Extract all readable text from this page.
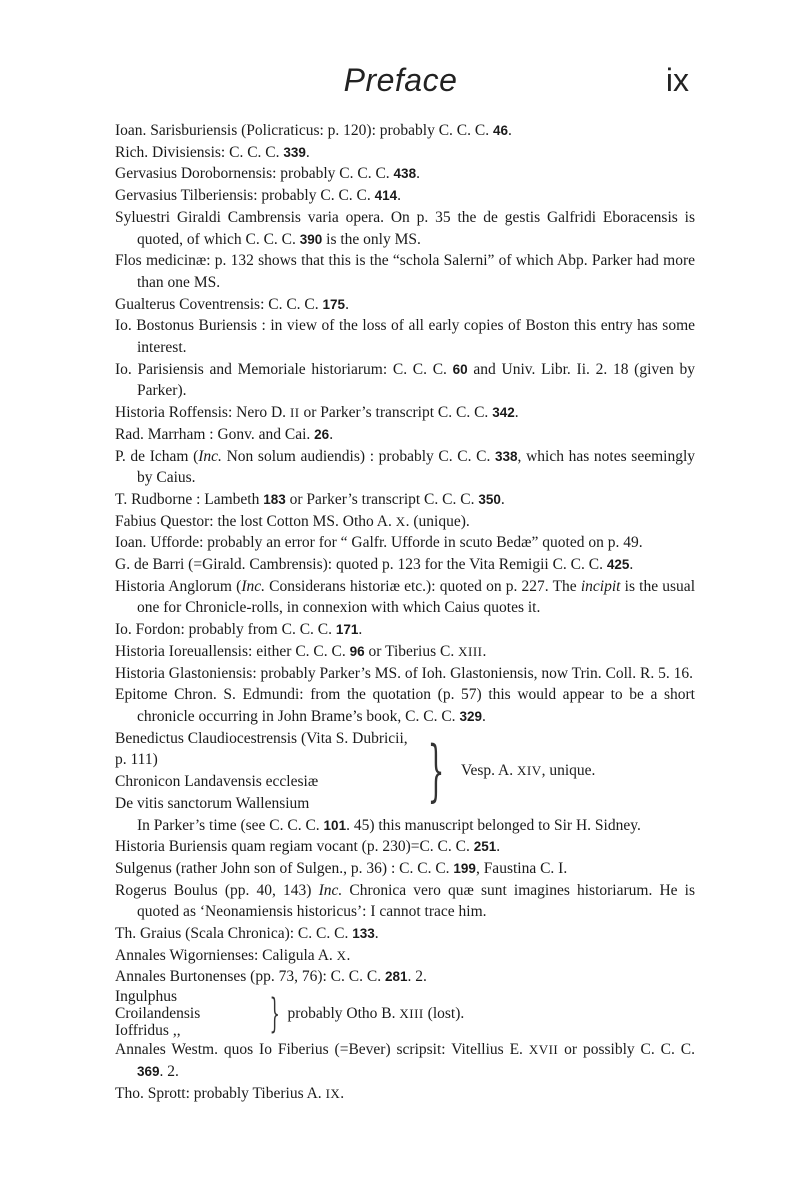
Preface	ix

Ioan. Sarisburiensis (Policraticus: p. 120): probably C. C. C. 46.

Rich. Divisiensis: C. C. C. 339.

Gervasius Dorobornensis: probably C. C. C. 438.

Gervasius Tilberiensis: probably C. C. C. 414.

Syluestri Giraldi Cambrensis varia opera. On p. 35 the de gestis Galfridi Eboracensis is quoted, of which C. C. C. 390 is the only MS.

Flos medicinæ: p. 132 shows that this is the “schola Salerni” of which Abp. Parker had more than one MS.

Gualterus Coventrensis: C. C. C. 175.

Io. Bostonus Buriensis : in view of the loss of all early copies of Boston this entry has some interest.

Io. Parisiensis and Memoriale historiarum: C. C. C. 60 and Univ. Libr. Ii. 2. 18 (given by Parker).

Historia Roffensis: Nero D. II or Parker’s transcript C. C. C. 342.

Rad. Marrham : Gonv. and Cai. 26.

P. de Icham (Inc. Non solum audiendis) : probably C. C. C. 338, which has notes seemingly by Caius.

T. Rudborne : Lambeth 183 or Parker’s transcript C. C. C. 350.

Fabius Questor: the lost Cotton MS. Otho A. X. (unique).

Ioan. Ufforde: probably an error for “ Galfr. Ufforde in scuto Bedæ” quoted on p. 49.

G. de Barri (=Girald. Cambrensis): quoted p. 123 for the Vita Remigii C. C. C. 425.

Historia Anglorum (Inc. Considerans historiæ etc.): quoted on p. 227. The incipit is the usual one for Chronicle-rolls, in connexion with which Caius quotes it.

Io. Fordon: probably from C. C. C. 171.

Historia Ioreuallensis: either C. C. C. 96 or Tiberius C. XIII.

Historia Glastoniensis: probably Parker’s MS. of Ioh. Glastoniensis, now Trin. Coll. R. 5. 16.

Epitome Chron. S. Edmundi: from the quotation (p. 57) this would appear to be a short chronicle occurring in John Brame’s book, C. C. C. 329.

Benedictus Claudiocestrensis (Vita S. Dubricii, p. 111)
Chronicon Landavensis ecclesiæ
De vitis sanctorum Wallensium	} Vesp. A. XIV, unique.

In Parker’s time (see C. C. C. 101. 45) this manuscript belonged to Sir H. Sidney.

Historia Buriensis quam regiam vocant (p. 230)=C. C. C. 251.

Sulgenus (rather John son of Sulgen., p. 36) : C. C. C. 199, Faustina C. I.

Rogerus Boulus (pp. 40, 143) Inc. Chronica vero quæ sunt imagines historiarum. He is quoted as ‘Neonamiensis historicus’: I cannot trace him.

Th. Graius (Scala Chronica): C. C. C. 133.

Annales Wigornienses: Caligula A. X.

Annales Burtonenses (pp. 73, 76): C. C. C. 281. 2.

Ingulphus Croilandensis
Ioffridus ,,	} probably Otho B. XIII (lost).

Annales Westm. quos Io Fiberius (=Bever) scripsit: Vitellius E. XVII or possibly C. C. C. 369. 2.

Tho. Sprott: probably Tiberius A. IX.
